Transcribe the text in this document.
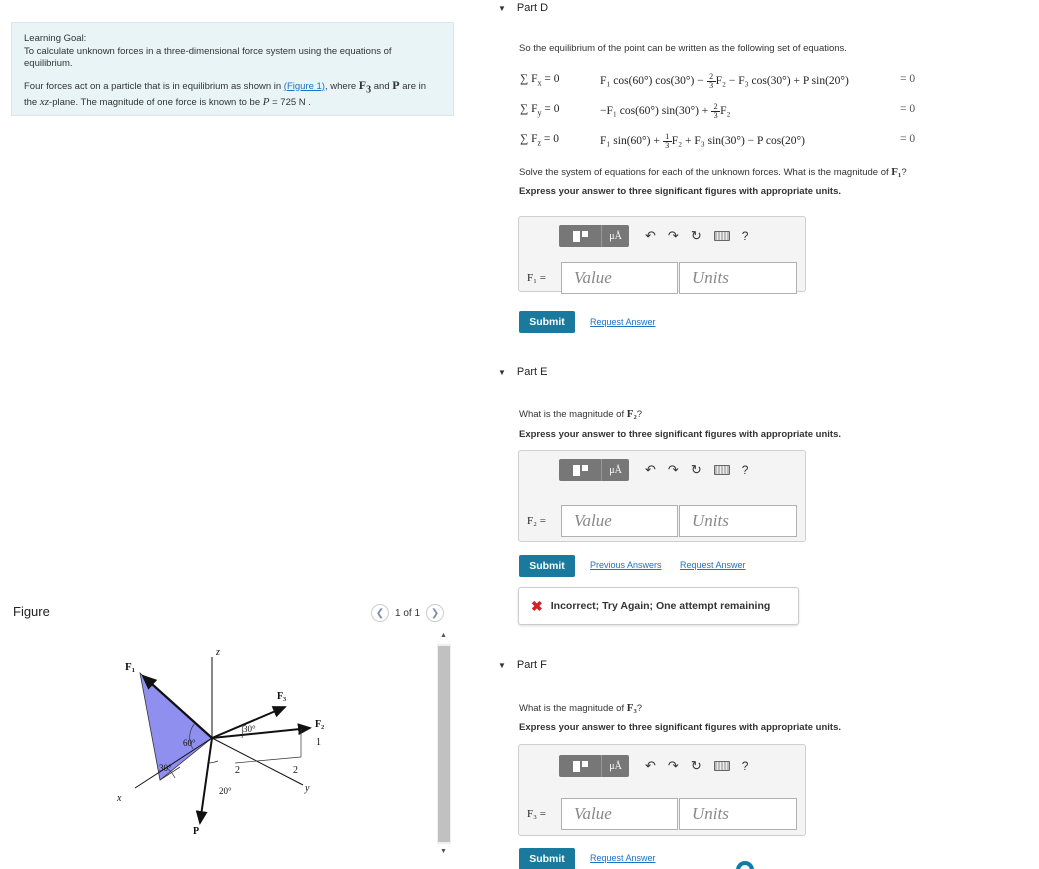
Learning Goal:
To calculate unknown forces in a three-dimensional force system using the equations of equilibrium.

Four forces act on a particle that is in equilibrium as shown in (Figure 1), where $F_3$ and P are in the xz-plane. The magnitude of one force is known to be P = 725 N .

Figure	❮ 1 of 1 ❯
▲
▼
F₁
z
F₃
F₂
1
2	2
y
x
P
60°
30°
30°
20°
▼ Part D
So the equilibrium of the point can be written as the following set of equations.
∑ $F_x = 0$	F₁ cos(60°) $\cos(30^\circ) - \frac{2}{3} F_2 - F_3$ cos(30°) + P sin(20°)	= 0
∑ $F_y = 0$	−F₁ cos(60°) $\sin(30^\circ) + \frac{2}{3} F_2$	= 0
∑ $F_z = 0$	F₁ $\sin(60^\circ) + \frac{1}{3} F_2 + F_3$ sin(30°) − P cos(20°)	= 0
Solve the system of equations for each of the unknown forces. What is the magnitude of F₁?
Express your answer to three significant figures with appropriate units.
μÅ	↶ ↷ ↻	?
F₁ =	Value	Units
Submit	Request Answer
▼ Part E
What is the magnitude of F₂?
Express your answer to three significant figures with appropriate units.
μÅ	↶ ↷ ↻	?
F₂ =	Value	Units
Submit	Previous Answers Request Answer
✖ Incorrect; Try Again; One attempt remaining
▼ Part F
What is the magnitude of F₃?
Express your answer to three significant figures with appropriate units.
μÅ	↶ ↷ ↻	?
F₃ =	Value	Units
Submit	Request Answer
